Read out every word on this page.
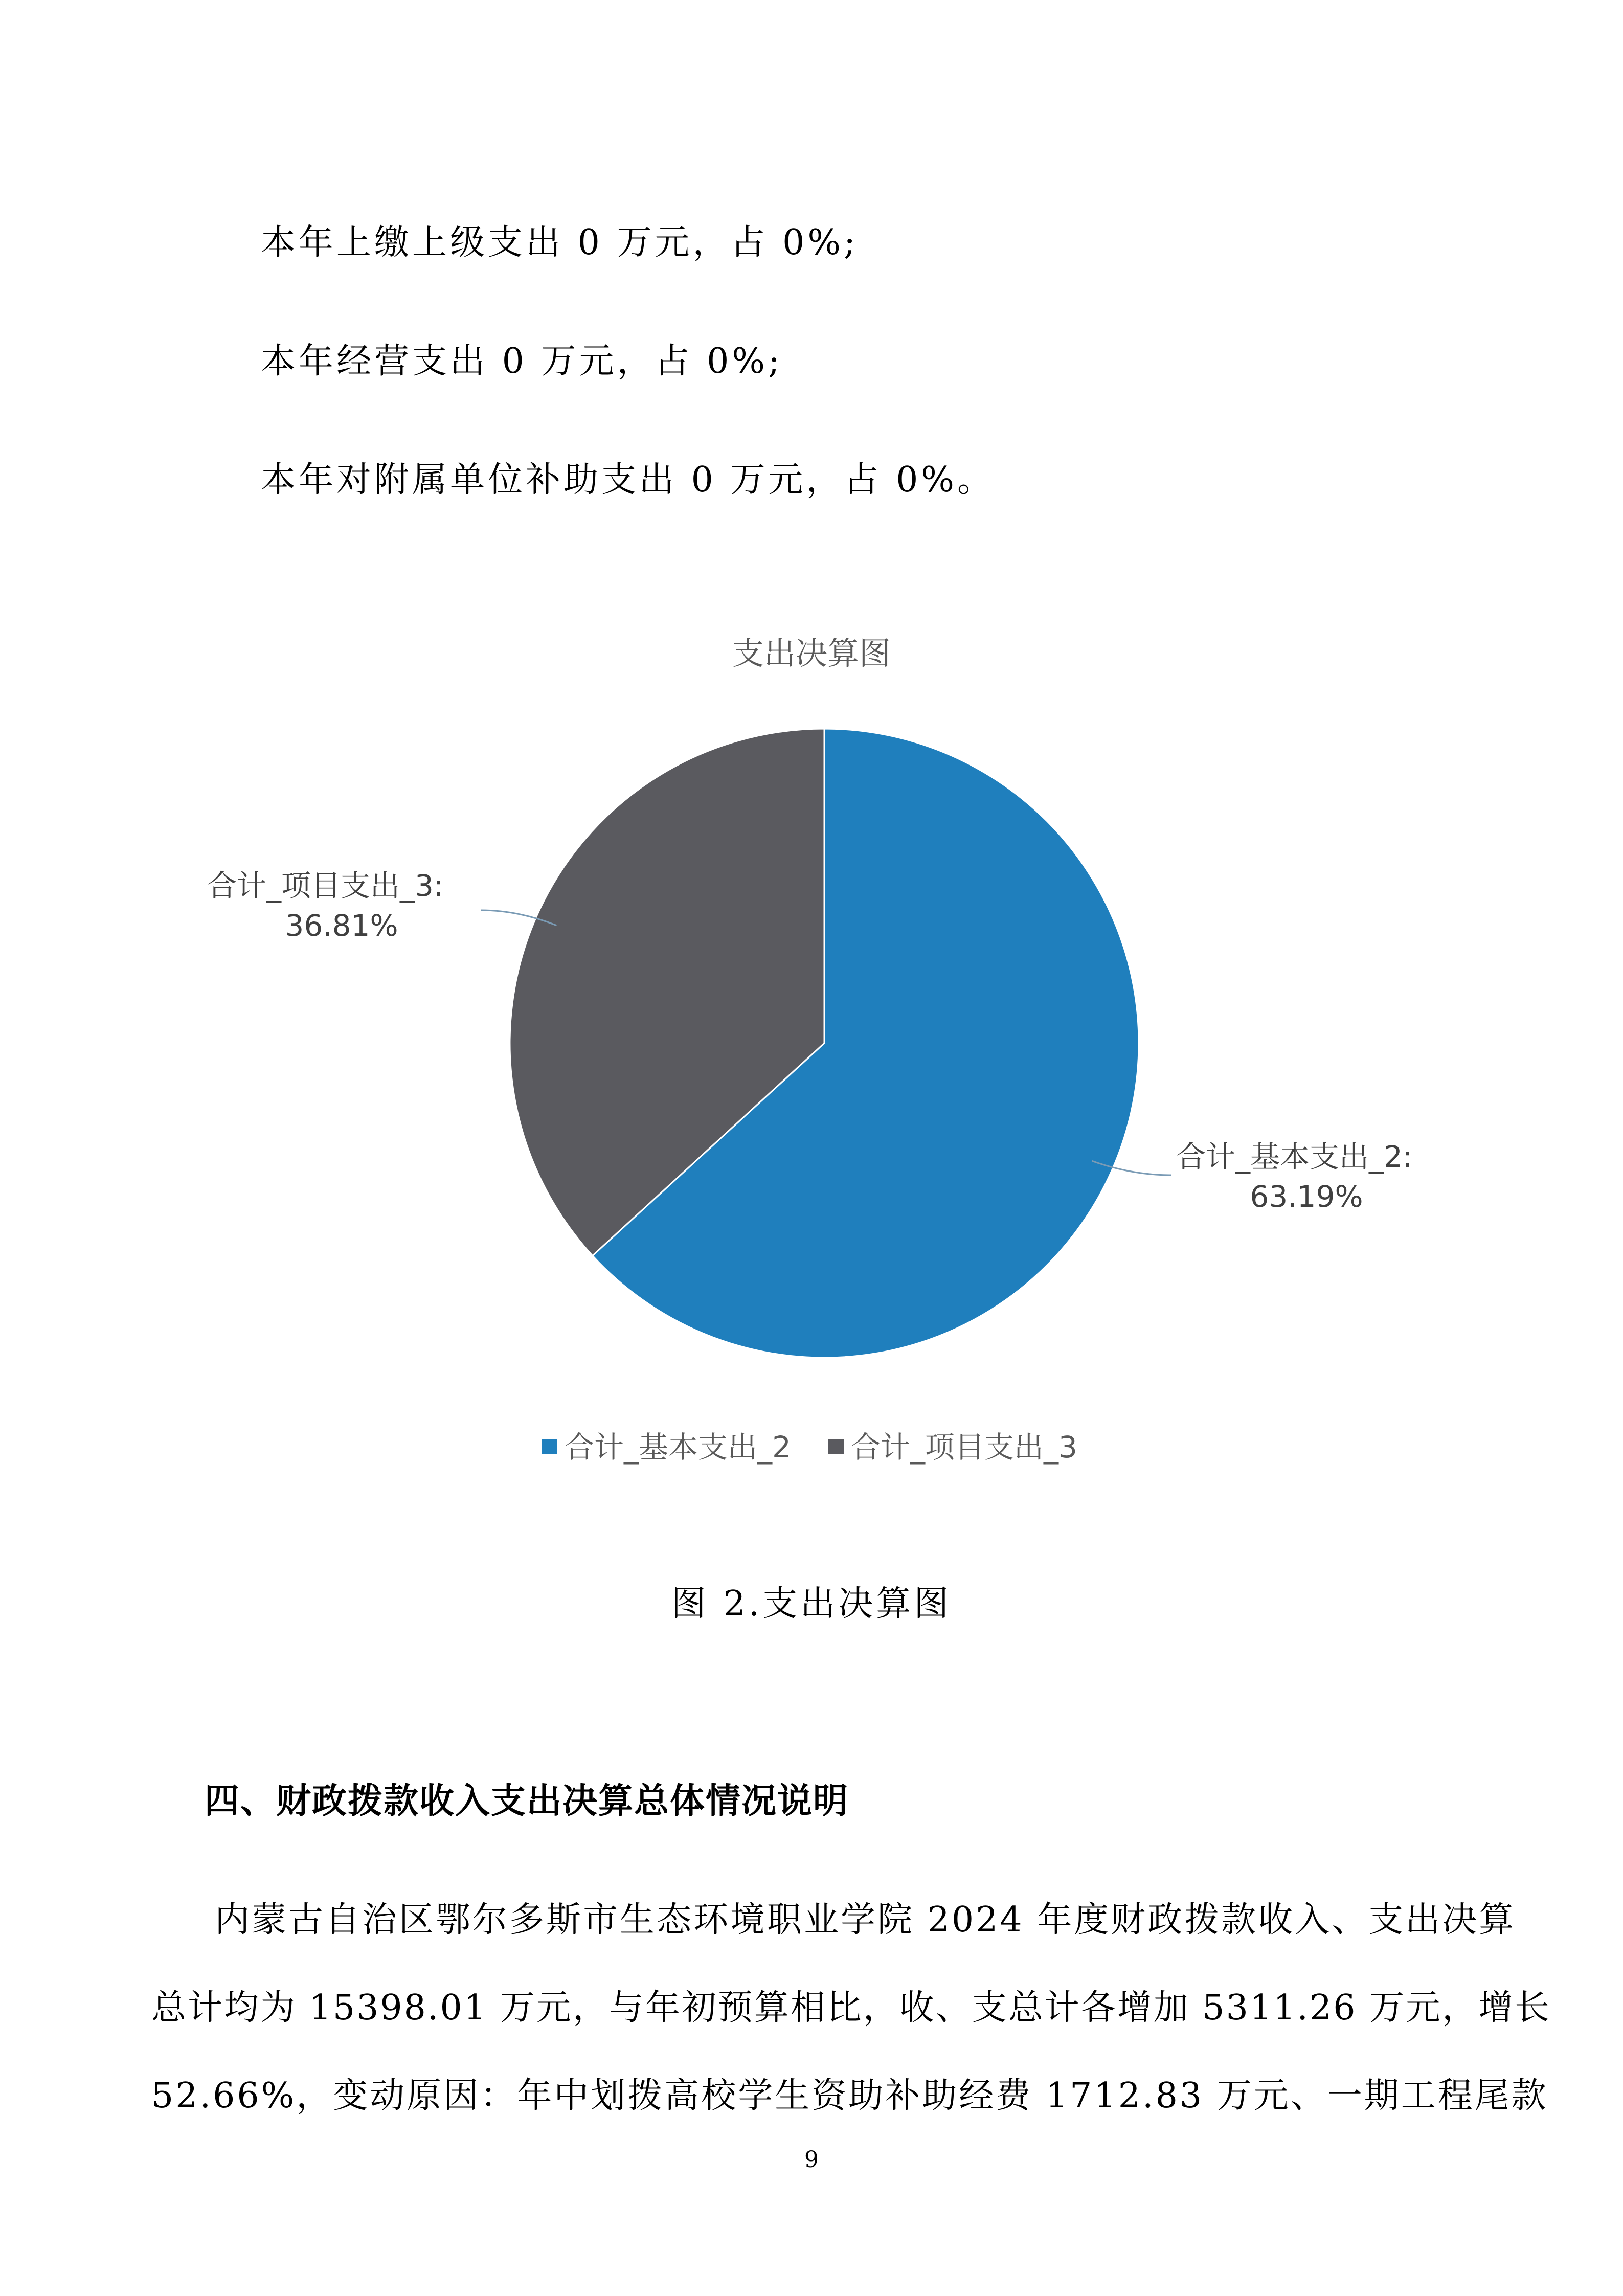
本年上缴上级支出 0 万元，占 0%;
本年经营支出 0 万元，占 0%;
本年对附属单位补助支出 0 万元，占 0%。
支出决算图
合计_基本支出_2:
63.19%
合计_项目支出_3:
36.81%
合计_基本支出_2 合计_项目支出_3
图 2.支出决算图
四、财政拨款收入支出决算总体情况说明
内蒙古自治区鄂尔多斯市生态环境职业学院 2024 年度财政拨款收入、支出决算
总计均为 15398.01 万元，与年初预算相比，收、支总计各增加 5311.26 万元，增长
52.66%，变动原因：年中划拨高校学生资助补助经费 1712.83 万元、一期工程尾款
9
